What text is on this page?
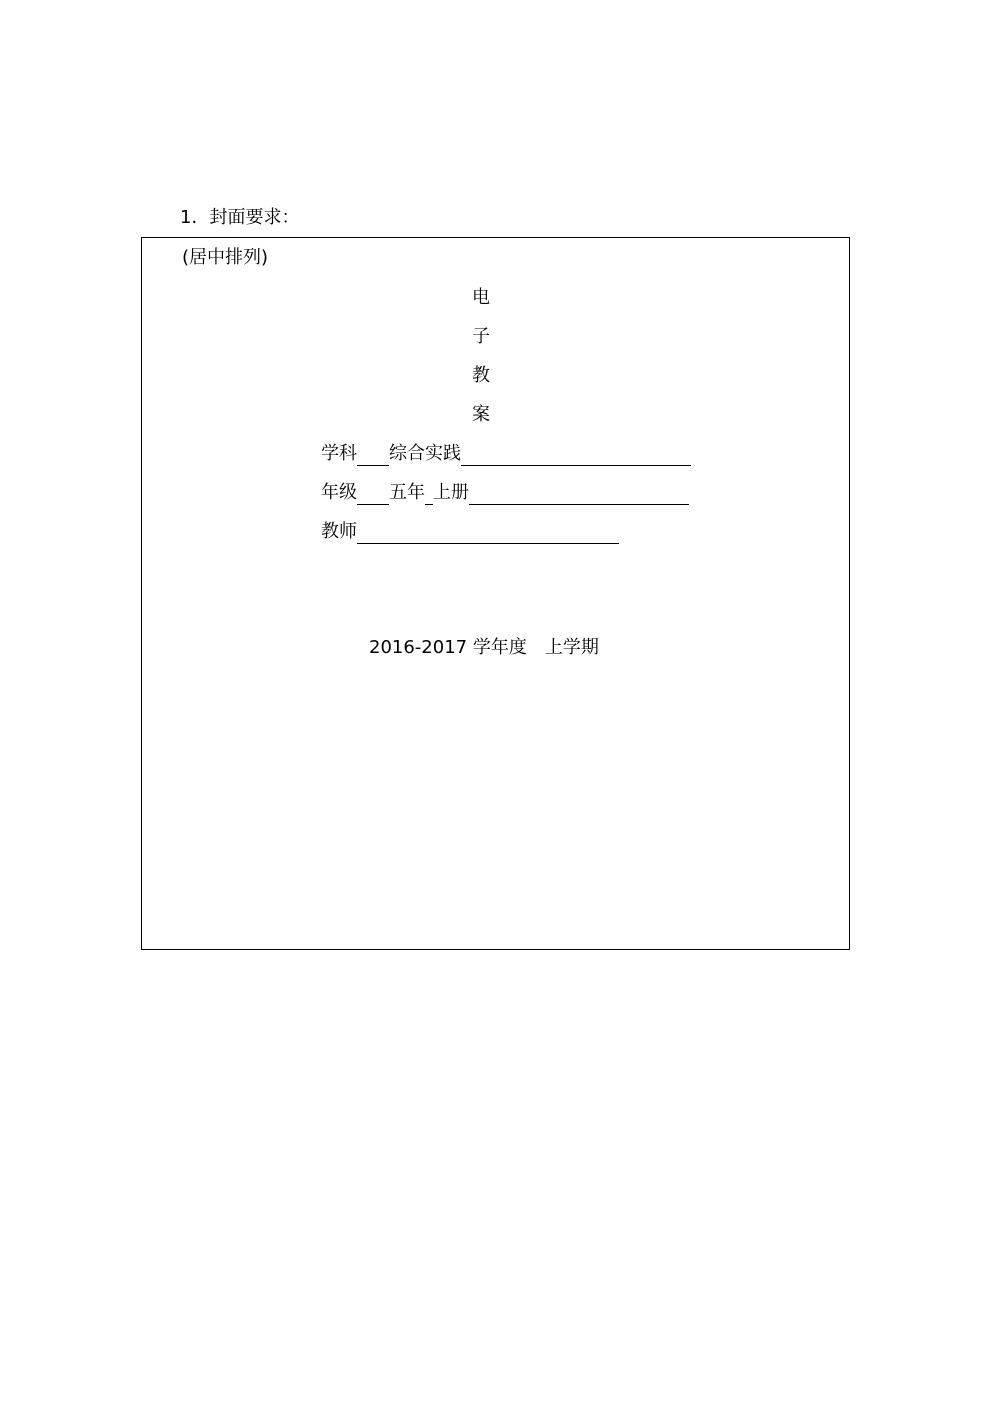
1．封面要求：
(居中排列)
电
子
教
案
学科 综合实践
年级 五年 上册
教师
2016-2017 学年度　上学期
